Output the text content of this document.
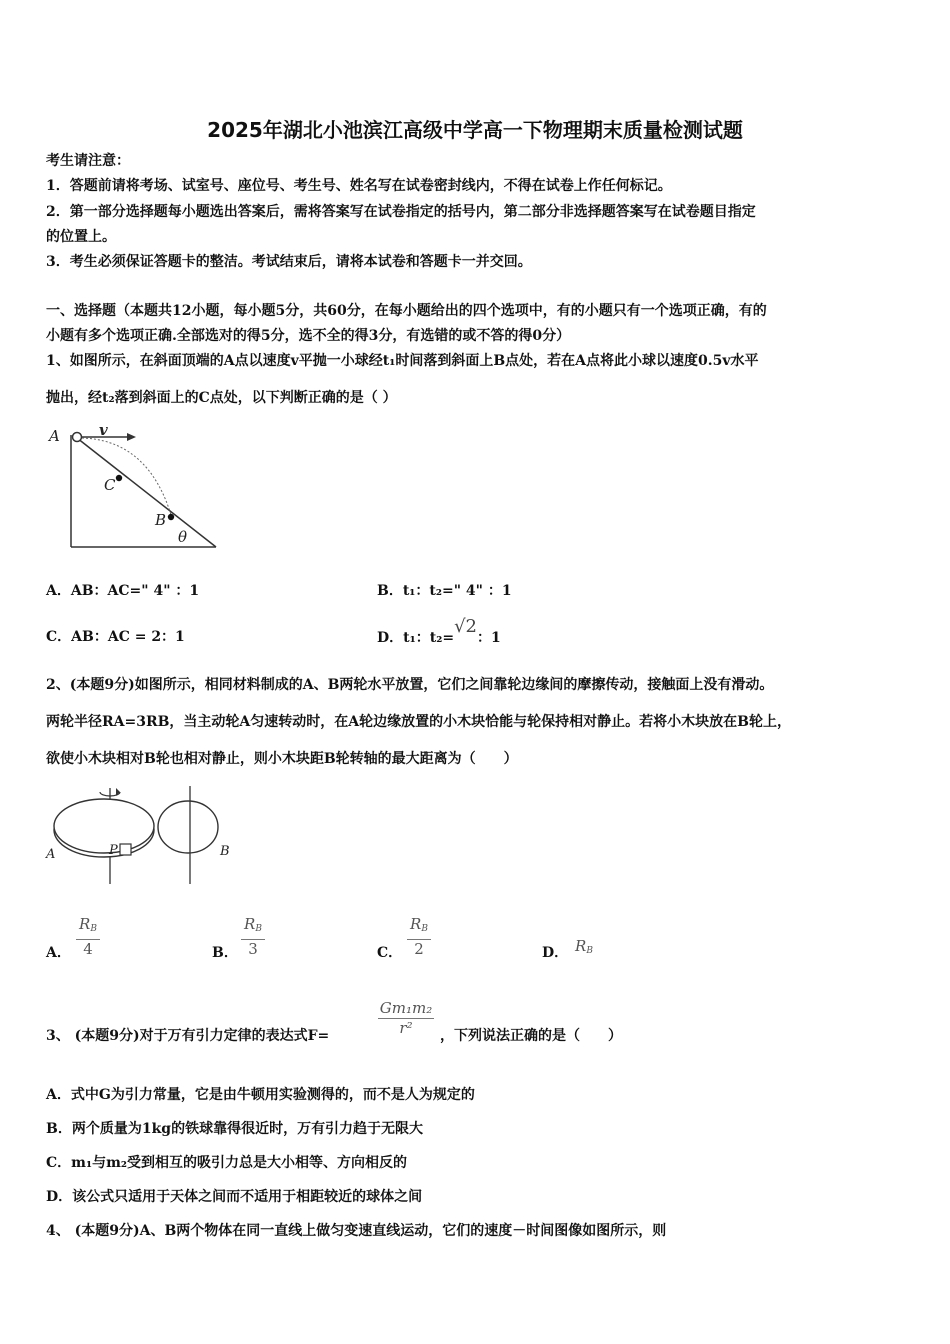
2025年湖北小池滨江高级中学高一下物理期末质量检测试题
考生请注意：
1．答题前请将考场、试室号、座位号、考生号、姓名写在试卷密封线内，不得在试卷上作任何标记。
2．第一部分选择题每小题选出答案后，需将答案写在试卷指定的括号内，第二部分非选择题答案写在试卷题目指定
的位置上。
3．考生必须保证答题卡的整洁。考试结束后，请将本试卷和答题卡一并交回。
一、选择题（本题共12小题，每小题5分，共60分，在每小题给出的四个选项中，有的小题只有一个选项正确，有的
小题有多个选项正确.全部选对的得5分，选不全的得3分，有选错的或不答的得0分）
1、如图所示，在斜面顶端的A点以速度v平抛一小球经t₁时间落到斜面上B点处，若在A点将此小球以速度0.5v水平
抛出，经t₂落到斜面上的C点处，以下判断正确的是（ ）
A	v
C
B
θ
A．AB：AC=" 4" ：1	B．t₁：t₂=" 4" ：1
C．AB：AC = 2：1	D．t₁：t₂=√2：1
2、(本题9分)如图所示，相同材料制成的A、B两轮水平放置，它们之间靠轮边缘间的摩擦传动，接触面上没有滑动。
两轮半径RA=3RB，当主动轮A匀速转动时，在A轮边缘放置的小木块恰能与轮保持相对静止。若将小木块放在B轮上，
欲使小木块相对B轮也相对静止，则小木块距B轮转轴的最大距离为（　　）
P
A	B
A．
$R_B$
4	B．
$R_B$
3	C．
$R_B$
2	D． $R_B$
3、 (本题9分)对于万有引力定律的表达式F=
Gm₁m₂
r²	，下列说法正确的是（　　）
A．式中G为引力常量，它是由牛顿用实验测得的，而不是人为规定的
B．两个质量为1kg的铁球靠得很近时，万有引力趋于无限大
C．m₁与m₂受到相互的吸引力总是大小相等、方向相反的
D．该公式只适用于天体之间而不适用于相距较近的球体之间
4、 (本题9分)A、B两个物体在同一直线上做匀变速直线运动，它们的速度－时间图像如图所示，则
